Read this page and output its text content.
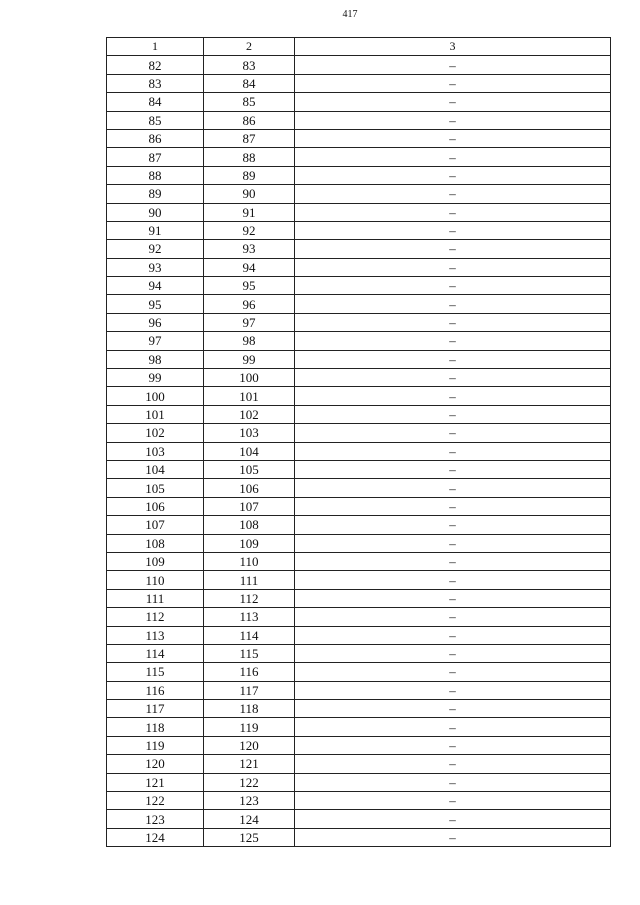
417
1	2	3
82	83	–
83	84	–
84	85	–
85	86	–
86	87	–
87	88	–
88	89	–
89	90	–
90	91	–
91	92	–
92	93	–
93	94	–
94	95	–
95	96	–
96	97	–
97	98	–
98	99	–
99	100	–
100	101	–
101	102	–
102	103	–
103	104	–
104	105	–
105	106	–
106	107	–
107	108	–
108	109	–
109	110	–
110	111	–
111	112	–
112	113	–
113	114	–
114	115	–
115	116	–
116	117	–
117	118	–
118	119	–
119	120	–
120	121	–
121	122	–
122	123	–
123	124	–
124	125	–
